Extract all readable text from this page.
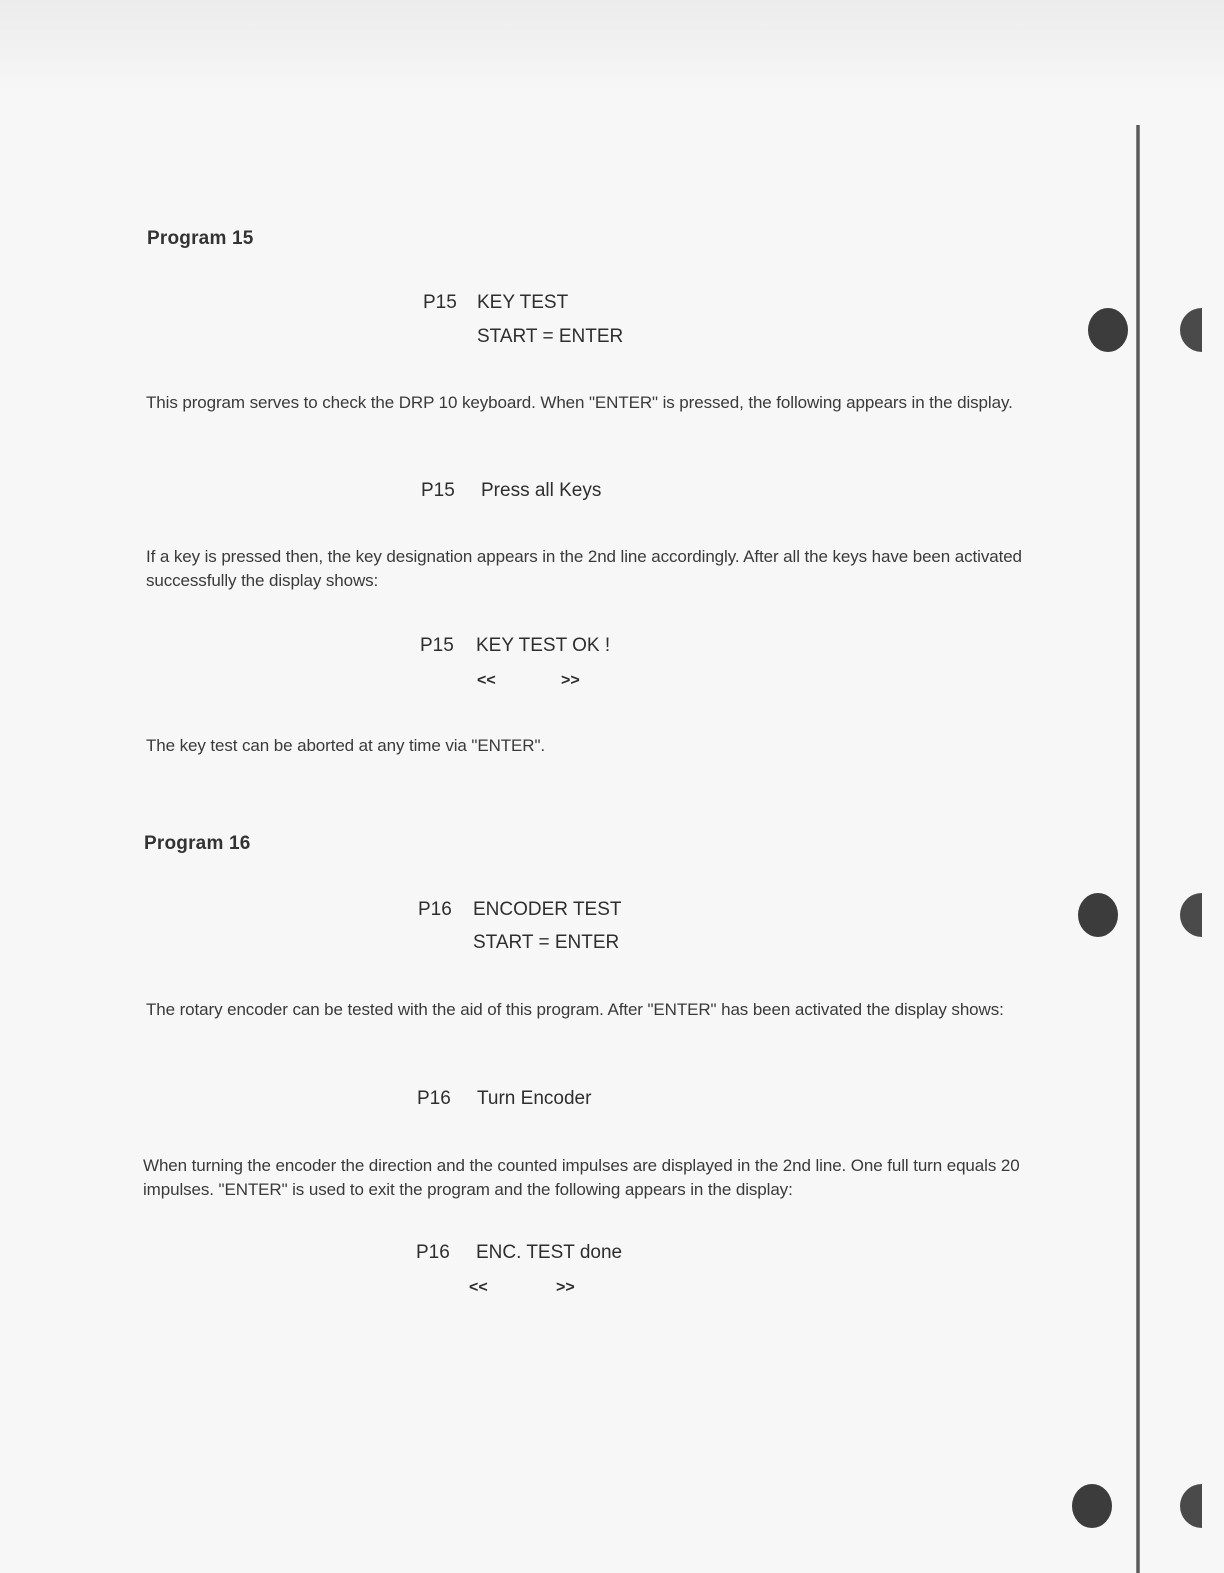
Program 15
P15 KEY TEST
START = ENTER
This program serves to check the DRP 10 keyboard. When "ENTER" is pressed, the following appears in the display.
P15 Press all Keys
If a key is pressed then, the key designation appears in the 2nd line accordingly. After all the keys have been activated successfully the display shows:
P15 KEY TEST OK !
<<	>>
The key test can be aborted at any time via "ENTER".
Program 16
P16 ENCODER TEST
START = ENTER
The rotary encoder can be tested with the aid of this program. After "ENTER" has been activated the display shows:
P16 Turn Encoder
When turning the encoder the direction and the counted impulses are displayed in the 2nd line. One full turn equals 20 impulses. "ENTER" is used to exit the program and the following appears in the display:
P16 ENC. TEST done
<<	>>
